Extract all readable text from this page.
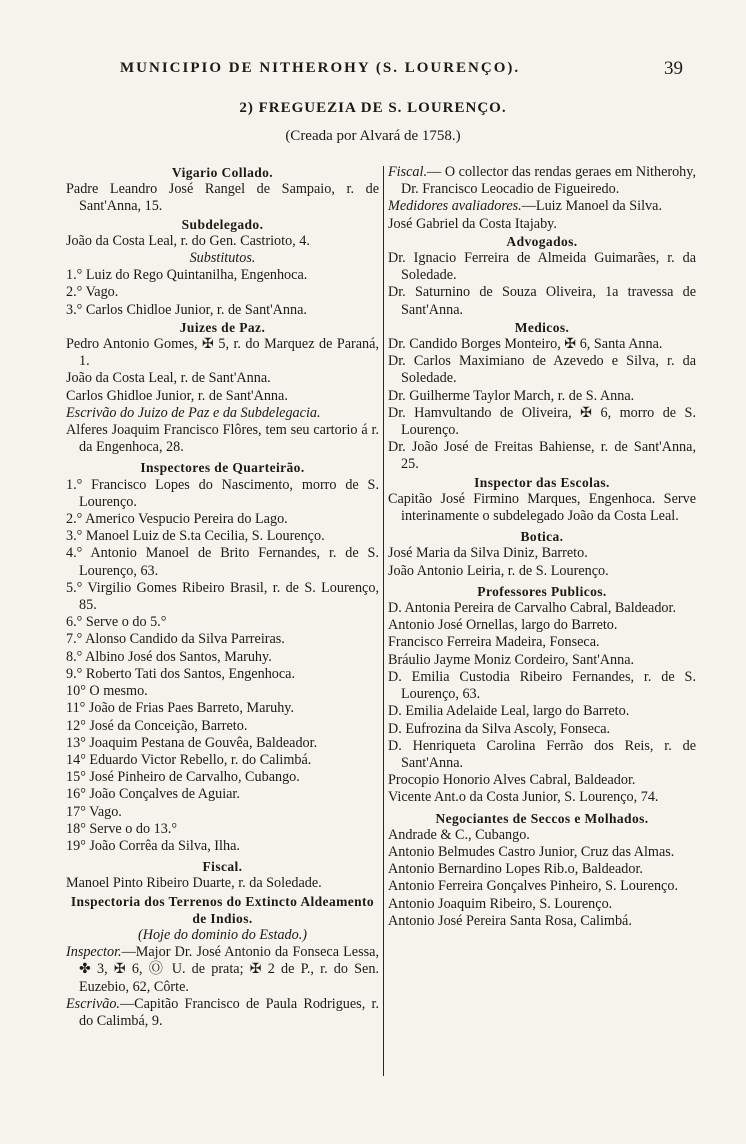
MUNICIPIO DE NITHEROHY (S. LOURENÇO).	39
2) FREGUEZIA DE S. LOURENÇO.
(Creada por Alvará de 1758.)
Vigario Collado.
Padre Leandro José Rangel de Sampaio, r. de Sant'Anna, 15.
Subdelegado.
João da Costa Leal, r. do Gen. Castrioto, 4.
Substitutos.
1.° Luiz do Rego Quintanilha, Engenhoca.
2.° Vago.
3.° Carlos Chidloe Junior, r. de Sant'Anna.
Juizes de Paz.
Pedro Antonio Gomes, ✠ 5, r. do Marquez de Paraná, 1.
João da Costa Leal, r. de Sant'Anna.
Carlos Ghidloe Junior, r. de Sant'Anna.
Escrivão do Juizo de Paz e da Subdelegacia.
Alferes Joaquim Francisco Flôres, tem seu cartorio á r. da Engenhoca, 28.
Inspectores de Quarteirão.
1.° Francisco Lopes do Nascimento, morro de S. Lourenço.
2.° Americo Vespucio Pereira do Lago.
3.° Manoel Luiz de S.ta Cecilia, S. Lourenço.
4.° Antonio Manoel de Brito Fernandes, r. de S. Lourenço, 63.
5.° Virgilio Gomes Ribeiro Brasil, r. de S. Lourenço, 85.
6.° Serve o do 5.°
7.° Alonso Candido da Silva Parreiras.
8.° Albino José dos Santos, Maruhy.
9.° Roberto Tati dos Santos, Engenhoca.
10° O mesmo.
11° João de Frias Paes Barreto, Maruhy.
12° José da Conceição, Barreto.
13° Joaquim Pestana de Gouvêa, Baldeador.
14° Eduardo Victor Rebello, r. do Calimbá.
15° José Pinheiro de Carvalho, Cubango.
16° João Conçalves de Aguiar.
17° Vago.
18° Serve o do 13.°
19° João Corrêa da Silva, Ilha.
Fiscal.
Manoel Pinto Ribeiro Duarte, r. da Soledade.
Inspectoria dos Terrenos do Extincto Aldeamento de Indios.
(Hoje do dominio do Estado.)
Inspector.—Major Dr. José Antonio da Fonseca Lessa, ✤ 3, ✠ 6, Ⓞ U. de prata; ✠ 2 de P., r. do Sen. Euzebio, 62, Côrte.
Escrivão.—Capitão Francisco de Paula Rodrigues, r. do Calimbá, 9.
Fiscal.— O collector das rendas geraes em Nitherohy, Dr. Francisco Leocadio de Figueiredo.
Medidores avaliadores.—Luiz Manoel da Silva.
José Gabriel da Costa Itajaby.
Advogados.
Dr. Ignacio Ferreira de Almeida Guimarães, r. da Soledade.
Dr. Saturnino de Souza Oliveira, 1a travessa de Sant'Anna.
Medicos.
Dr. Candido Borges Monteiro, ✠ 6, Santa Anna.
Dr. Carlos Maximiano de Azevedo e Silva, r. da Soledade.
Dr. Guilherme Taylor March, r. de S. Anna.
Dr. Hamvultando de Oliveira, ✠ 6, morro de S. Lourenço.
Dr. João José de Freitas Bahiense, r. de Sant'Anna, 25.
Inspector das Escolas.
Capitão José Firmino Marques, Engenhoca. Serve interinamente o subdelegado João da Costa Leal.
Botica.
José Maria da Silva Diniz, Barreto.
João Antonio Leiria, r. de S. Lourenço.
Professores Publicos.
D. Antonia Pereira de Carvalho Cabral, Baldeador.
Antonio José Ornellas, largo do Barreto.
Francisco Ferreira Madeira, Fonseca.
Bráulio Jayme Moniz Cordeiro, Sant'Anna.
D. Emilia Custodia Ribeiro Fernandes, r. de S. Lourenço, 63.
D. Emilia Adelaide Leal, largo do Barreto.
D. Eufrozina da Silva Ascoly, Fonseca.
D. Henriqueta Carolina Ferrão dos Reis, r. de Sant'Anna.
Procopio Honorio Alves Cabral, Baldeador.
Vicente Ant.o da Costa Junior, S. Lourenço, 74.
Negociantes de Seccos e Molhados.
Andrade & C., Cubango.
Antonio Belmudes Castro Junior, Cruz das Almas.
Antonio Bernardino Lopes Rib.o, Baldeador.
Antonio Ferreira Gonçalves Pinheiro, S. Lourenço.
Antonio Joaquim Ribeiro, S. Lourenço.
Antonio José Pereira Santa Rosa, Calimbá.
